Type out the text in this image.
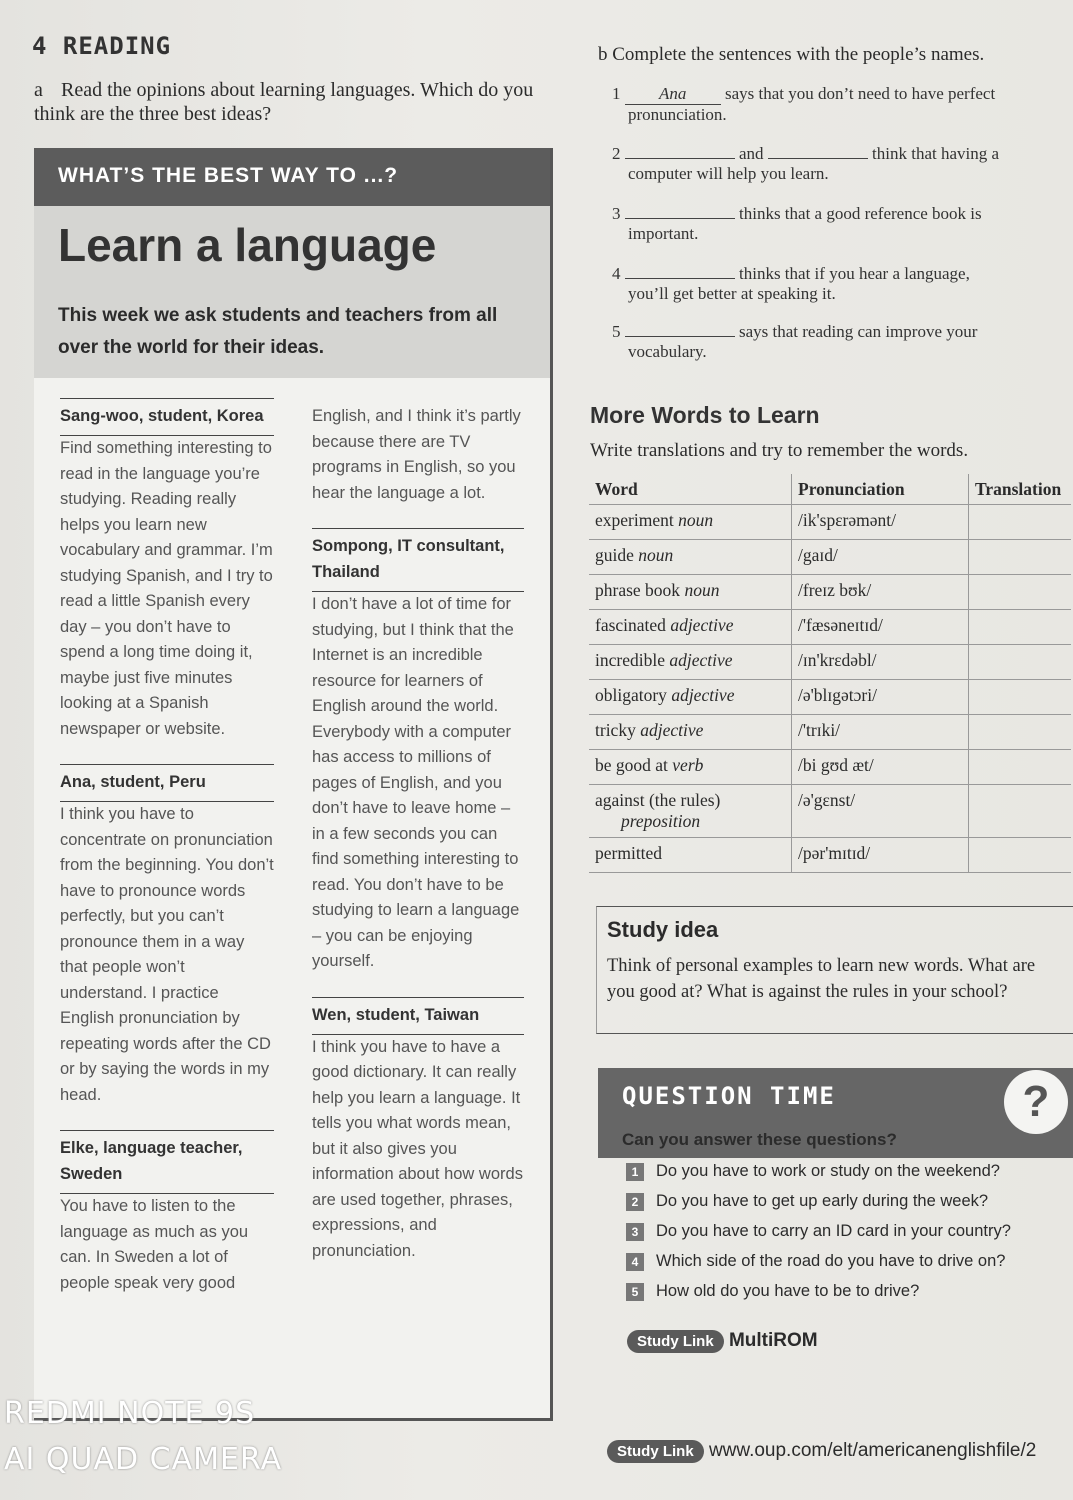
4 READING
a Read the opinions about learning languages. Which do you think are the three best ideas?
WHAT’S THE BEST WAY TO ...?
Learn a language
This week we ask students and teachers from all over the world for their ideas.

Sang-woo, student, Korea

Find something interesting to read in the language you’re studying. Reading really helps you learn new vocabulary and grammar. I’m studying Spanish, and I try to read a little Spanish every day – you don’t have to spend a long time doing it, maybe just five minutes looking at a Spanish newspaper or website.

Ana, student, Peru

I think you have to concentrate on pronunciation from the beginning. You don’t have to pronounce words perfectly, but you can’t pronounce them in a way that people won’t understand. I practice English pronunciation by repeating words after the CD or by saying the words in my head.

Elke, language teacher, Sweden

You have to listen to the language as much as you can. In Sweden a lot of people speak very good

English, and I think it’s partly because there are TV programs in English, so you hear the language a lot.

Sompong, IT consultant, Thailand

I don’t have a lot of time for studying, but I think that the Internet is an incredible resource for learners of English around the world. Everybody with a computer has access to millions of pages of English, and you don’t have to leave home – in a few seconds you can find something interesting to read. You don’t have to be studying to learn a language – you can be enjoying yourself.

Wen, student, Taiwan

I think you have to have a good dictionary. It can really help you learn a language. It tells you what words mean, but it also gives you information about how words are used together, phrases, expressions, and pronunciation.

b Complete the sentences with the people’s names.
1 Ana says that you don’t need to have perfect
pronunciation.
2	and	think that having a
computer will help you learn.
3	thinks that a good reference book is
important.
4	thinks that if you hear a language,
you’ll get better at speaking it.
5	says that reading can improve your
vocabulary.
More Words to Learn
Write translations and try to remember the words.
Word	Pronunciation	Translation
experiment noun	/ik'spɛrəmənt/	
guide noun	/gaɪd/	
phrase book noun	/freɪz bʊk/	
fascinated adjective	/'fæsəneɪtɪd/	
incredible adjective	/ɪn'krɛdəbl/	
obligatory adjective	/ə'blɪgətɔri/	
tricky adjective	/'trɪki/	
be good at verb	/bi gʊd æt/	
against (the rules)
preposition	/ə'gɛnst/	
permitted	/pər'mɪtɪd/	
Study idea
Think of personal examples to learn new words. What are you good at? What is against the rules in your school?
QUESTION TIME	?
Can you answer these questions?
1 Do you have to work or study on the weekend?
2 Do you have to get up early during the week?
3 Do you have to carry an ID card in your country?
4 Which side of the road do you have to drive on?
5 How old do you have to be to drive?
Study Link MultiROM
Study Link www.oup.com/elt/americanenglishfile/2
REDMI NOTE 9S
AI QUAD CAMERA
